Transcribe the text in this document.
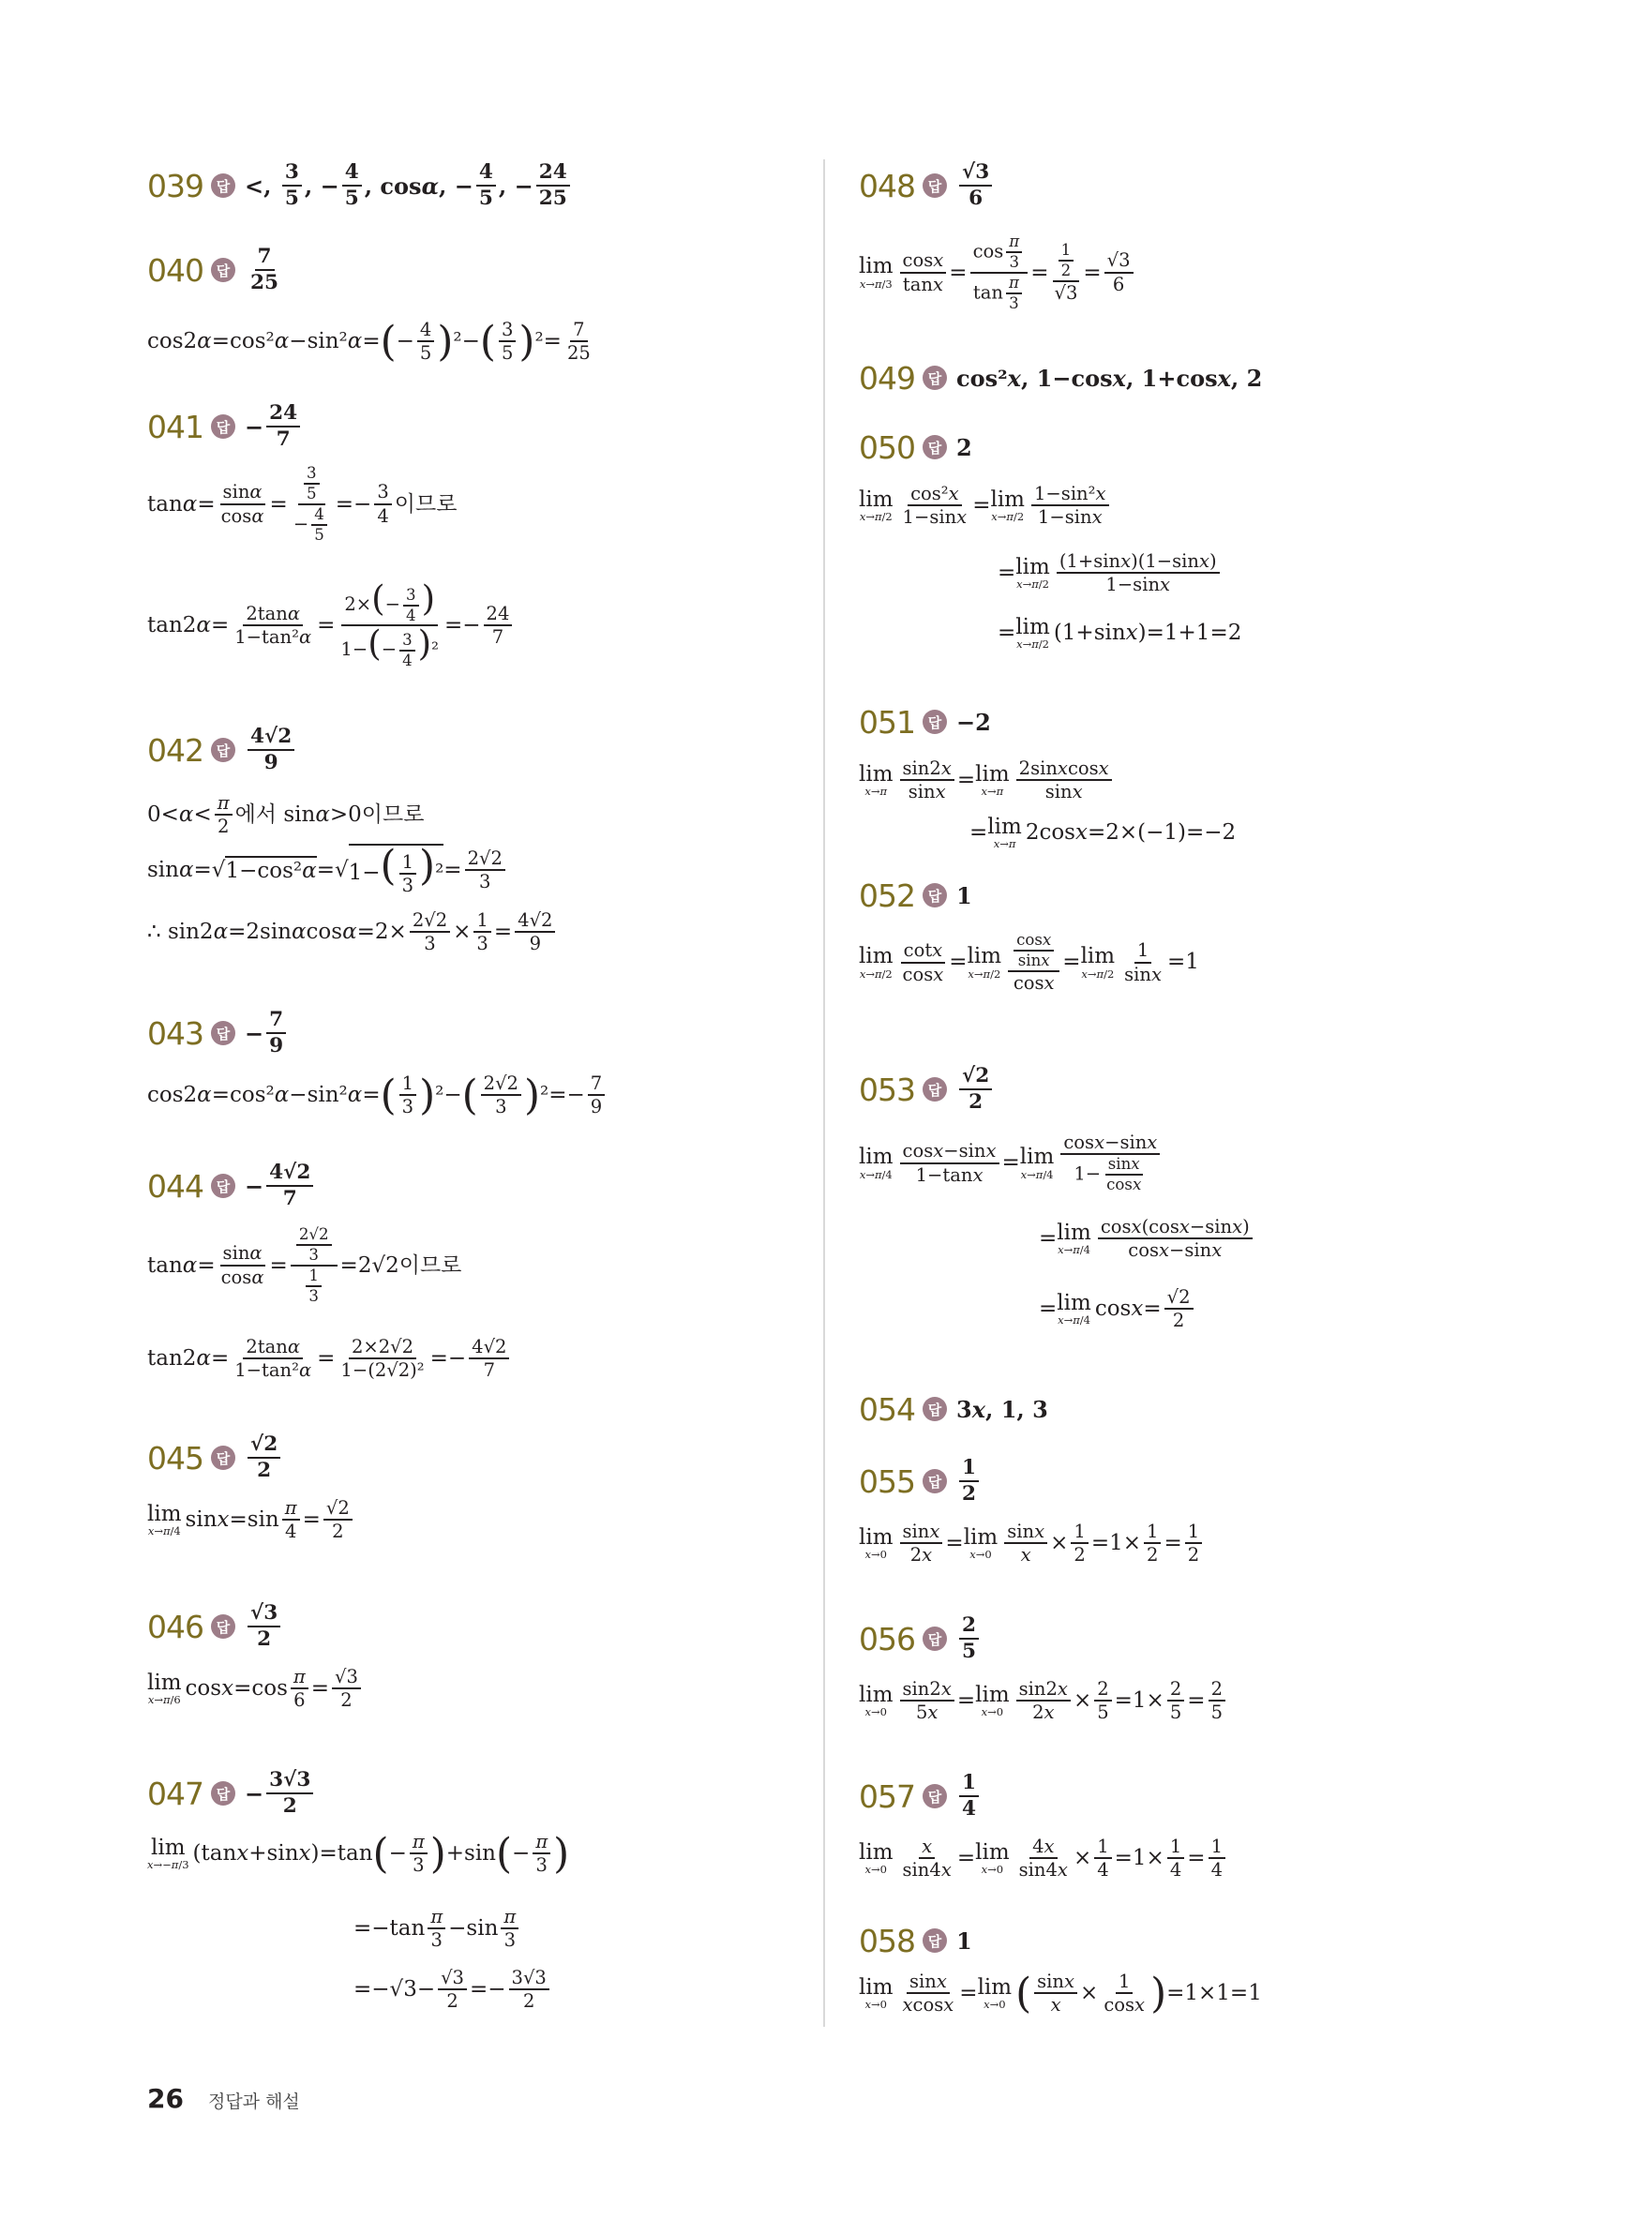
039 답 <, 3
5 , − 4
5 , cos α , − 4
5 , − 24
25
040 답
7
25
cos2 α =cos² α −sin² α = ( − 4
5 ) ²− ( 3
5 ) ²= 7
25
041 답 − 24
7
tan α = sinα
cosα =
$\frac{3}{5}$
− $\frac{4}{5}$
=− 3
4 이므로
tan2 α = 2tanα
1−tan²α =
$2\times(- \frac{3}{4}$ )
$1-(- \frac{3}{4} )^2$
=− 24
7
042 답
4√2
9
0< α < π
2 에서 sin α >0이므로
sin α =√ 1−cos²α =√ $1-( \frac{1}{3} )^2 = 2√2$
3
∴ sin2 α =2sin α cos α =2× 2√2
3 × 1
3 = 4√2
9
043 답 − 7
9
cos2 α =cos² α −sin² α = ( 1
3 ) ²− ( 2√2
3 ) ²=− 7
9
044 답 − 4√2
7
tan α = sinα
cosα =
$\frac{2√2}{3}$
$\frac{1}{3}$
=2√2이므로
tan2 α = 2tanα
1−tan²α = 2×2√2
1−(2√2)² =− 4√2
7
045 답
√2
2
lim
x→π/4 sin x =sin π
4 = √2
2
046 답
√3
2
lim
x→π/6 cos x =cos π
6 = √3
2
047 답 − 3√3
2
lim
x→−π/3 (tan x +sin x )=tan ( − π
3 ) +sin ( − π
3 )
=−tan π
3 −sin π
3
=−√3− √3
2 =− 3√3
2
048 답
√3
6
lim
x→π/3
cosx
tanx =
$\cos \frac{\pi}{3}$
$\tan \frac{\pi}{3}$
= $\frac{1}{2}$
√3
= √3
6
049 답 cos² x , 1−cos x , 1+cos x , 2
050 답 2
lim
x→π/2
cos²x
1−sinx = lim
x→π/2
1−sin²x
1−sinx
= lim
x→π/2
(1+sinx)(1−sinx)
1−sinx
= lim
x→π/2 (1+sin x )=1+1=2
051 답 −2
lim
x→π
sin2x
sinx = lim
x→π
2sinxcosx
sinx
= lim
x→π 2cos x =2×(−1)=−2
052 답 1
lim
x→π/2
cotx
cosx = lim
x→π/2
$\frac{\cos x}{\sin x}$
cosx
= lim
x→π/2
1
sinx =1
053 답
√2
2
lim
x→π/4
cosx−sinx
1−tanx = lim
x→π/4
cosx−sinx
$1- \frac{\sin x}{\cos x}$
= lim
x→π/4
cosx(cosx−sinx)
cosx−sinx
= lim
x→π/4 cos x = √2
2
054 답 3 x , 1, 3
055 답
1
2
lim
x→0
sinx
2x = lim
x→0
sinx
x × 1
2 =1× 1
2 = 1
2
056 답
2
5
lim
x→0
sin2x
5x = lim
x→0
sin2x
2x × 2
5 =1× 2
5 = 2
5
057 답
1
4
lim
x→0
x
sin4x = lim
x→0
4x
sin4x × 1
4 =1× 1
4 = 1
4
058 답 1
lim
x→0
sinx
xcosx = lim
x→0 ( sinx
x × 1
cosx ) =1×1=1
26 정답과 해설
